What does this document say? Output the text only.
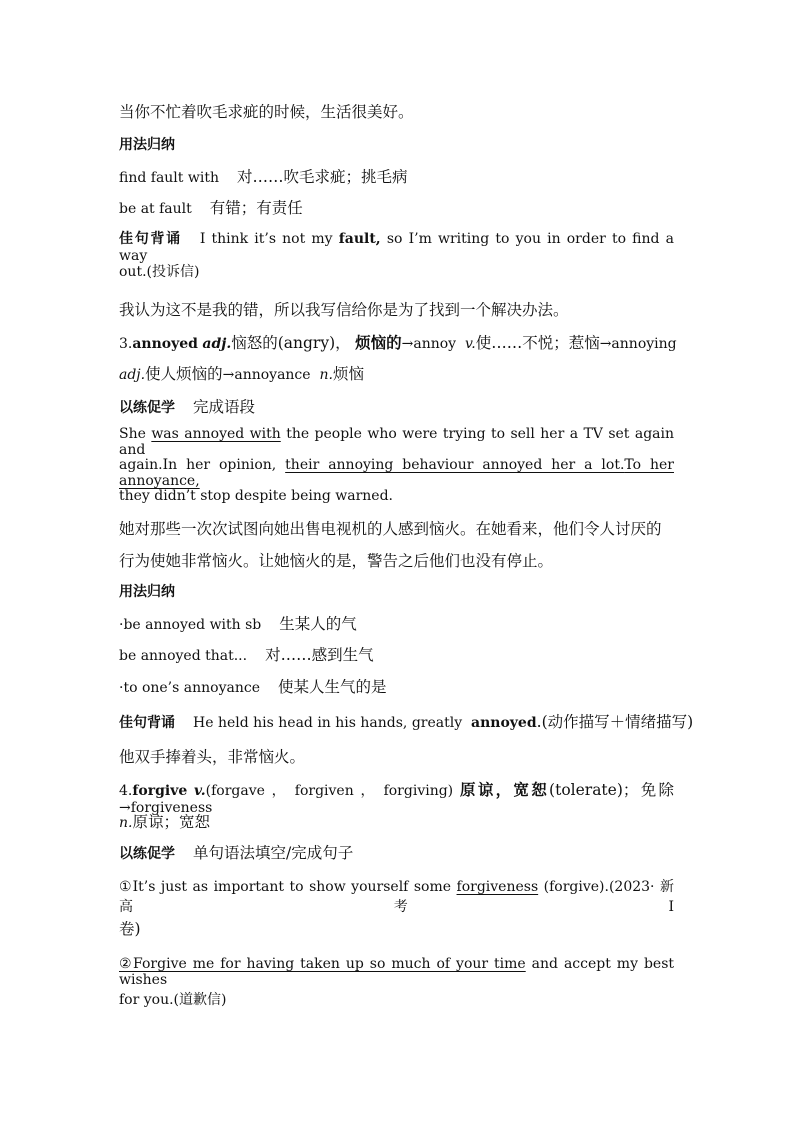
当你不忙着吹毛求疵的时候，生活很美好。
用法归纳
find fault with 对……吹毛求疵；挑毛病
be at fault 有错；有责任
佳句背诵 I think it’s not my fault, so I’m writing to you in order to find a way
out.(投诉信)
我认为这不是我的错，所以我写信给你是为了找到一个解决办法。
3.annoyed adj.恼怒的(angry)， 烦恼的→annoy v.使……不悦；惹恼→annoying
adj.使人烦恼的→annoyance n.烦恼
以练促学 完成语段
She was annoyed with the people who were trying to sell her a TV set again and
again.In her opinion, their annoying behaviour annoyed her a lot.To her annoyance,
they didn’t stop despite being warned.
她对那些一次次试图向她出售电视机的人感到恼火。在她看来，他们令人讨厌的
行为使她非常恼火。让她恼火的是，警告之后他们也没有停止。
用法归纳
·be annoyed with sb 生某人的气
be annoyed that... 对……感到生气
·to one’s annoyance 使某人生气的是
佳句背诵 He held his head in his hands, greatly annoyed.(动作描写＋情绪描写)
他双手捧着头，非常恼火。
4.forgive v.(forgave ， forgiven ， forgiving) 原谅，宽恕(tolerate)；免除→forgiveness
n.原谅；宽恕
以练促学 单句语法填空/完成句子
①It’s just as important to show yourself some forgiveness (forgive).(2023· 新高考Ⅰ
卷)
②Forgive me for having taken up so much of your time and accept my best wishes
for you.(道歉信)
